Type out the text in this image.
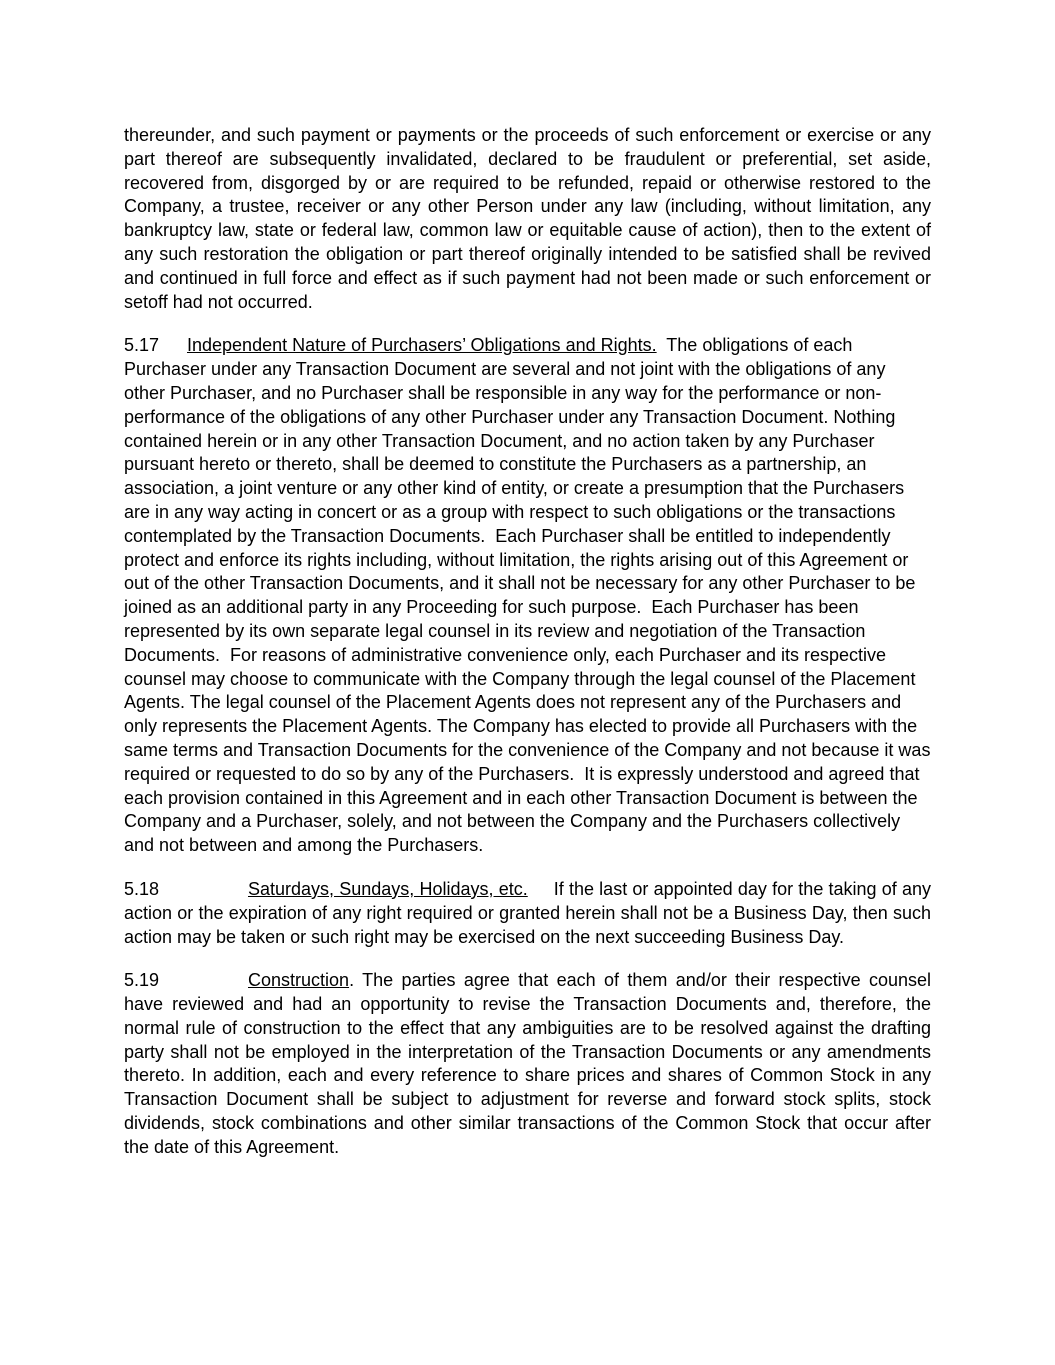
thereunder, and such payment or payments or the proceeds of such enforcement or exercise or any part thereof are subsequently invalidated, declared to be fraudulent or preferential, set aside, recovered from, disgorged by or are required to be refunded, repaid or otherwise restored to the Company, a trustee, receiver or any other Person under any law (including, without limitation, any bankruptcy law, state or federal law, common law or equitable cause of action), then to the extent of any such restoration the obligation or part thereof originally intended to be satisfied shall be revived and continued in full force and effect as if such payment had not been made or such enforcement or setoff had not occurred.

5.17 Independent Nature of Purchasers’ Obligations and Rights.  The obligations of each Purchaser under any Transaction Document are several and not joint with the obligations of any other Purchaser, and no Purchaser shall be responsible in any way for the performance or non-performance of the obligations of any other Purchaser under any Transaction Document. Nothing contained herein or in any other Transaction Document, and no action taken by any Purchaser pursuant hereto or thereto, shall be deemed to constitute the Purchasers as a partnership, an association, a joint venture or any other kind of entity, or create a presumption that the Purchasers are in any way acting in concert or as a group with respect to such obligations or the transactions contemplated by the Transaction Documents.  Each Purchaser shall be entitled to independently protect and enforce its rights including, without limitation, the rights arising out of this Agreement or out of the other Transaction Documents, and it shall not be necessary for any other Purchaser to be joined as an additional party in any Proceeding for such purpose.  Each Purchaser has been represented by its own separate legal counsel in its review and negotiation of the Transaction Documents.  For reasons of administrative convenience only, each Purchaser and its respective counsel may choose to communicate with the Company through the legal counsel of the Placement Agents. The legal counsel of the Placement Agents does not represent any of the Purchasers and only represents the Placement Agents. The Company has elected to provide all Purchasers with the same terms and Transaction Documents for the convenience of the Company and not because it was required or requested to do so by any of the Purchasers.  It is expressly understood and agreed that each provision contained in this Agreement and in each other Transaction Document is between the Company and a Purchaser, solely, and not between the Company and the Purchasers collectively and not between and among the Purchasers.

5.18	Saturdays, Sundays, Holidays, etc.     If the last or appointed day for the taking of any action or the expiration of any right required or granted herein shall not be a Business Day, then such action may be taken or such right may be exercised on the next succeeding Business Day.

5.19	Construction. The parties agree that each of them and/or their respective counsel have reviewed and had an opportunity to revise the Transaction Documents and, therefore, the normal rule of construction to the effect that any ambiguities are to be resolved against the drafting party shall not be employed in the interpretation of the Transaction Documents or any amendments thereto. In addition, each and every reference to share prices and shares of Common Stock in any Transaction Document shall be subject to adjustment for reverse and forward stock splits, stock dividends, stock combinations and other similar transactions of the Common Stock that occur after the date of this Agreement.
